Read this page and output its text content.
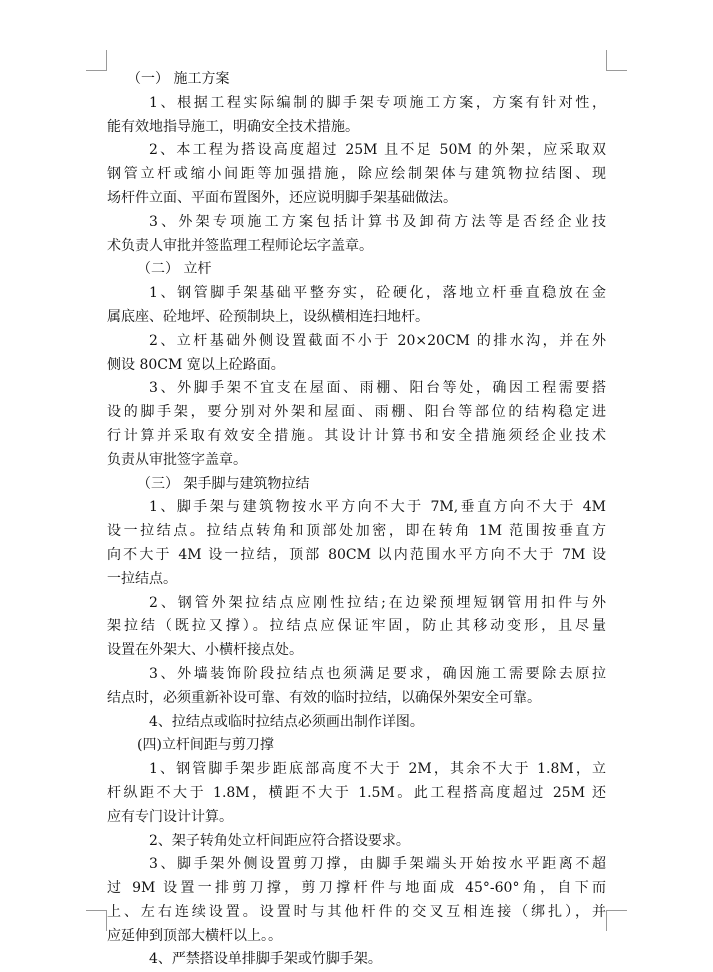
（一） 施工方案
1、根据工程实际编制的脚手架专项施工方案，方案有针对性，
能有效地指导施工，明确安全技术措施。
2、本工程为搭设高度超过 25M 且不足 50M 的外架，应采取双
钢管立杆或缩小间距等加强措施，除应绘制架体与建筑物拉结图、现
场杆件立面、平面布置图外，还应说明脚手架基础做法。
3、外架专项施工方案包括计算书及卸荷方法等是否经企业技
术负责人审批并签监理工程师论坛字盖章。
（二） 立杆
1、钢管脚手架基础平整夯实，砼硬化，落地立杆垂直稳放在金
属底座、砼地坪、砼预制块上，设纵横相连扫地杆。
2、立杆基础外侧设置截面不小于 20×20CM 的排水沟，并在外
侧设 80CM 宽以上砼路面。
3、外脚手架不宜支在屋面、雨棚、阳台等处，确因工程需要搭
设的脚手架，要分别对外架和屋面、雨棚、阳台等部位的结构稳定进
行计算并采取有效安全措施。其设计计算书和安全措施须经企业技术
负责从审批签字盖章。
（三） 架手脚与建筑物拉结
1、脚手架与建筑物按水平方向不大于 7M,垂直方向不大于 4M
设一拉结点。拉结点转角和顶部处加密，即在转角 1M 范围按垂直方
向不大于 4M 设一拉结，顶部 80CM 以内范围水平方向不大于 7M 设
一拉结点。
2、钢管外架拉结点应刚性拉结;在边梁预埋短钢管用扣件与外
架拉结（既拉又撑）。拉结点应保证牢固，防止其移动变形，且尽量
设置在外架大、小横杆接点处。
3、外墙装饰阶段拉结点也须满足要求，确因施工需要除去原拉
结点时，必须重新补设可靠、有效的临时拉结，以确保外架安全可靠。
4、拉结点或临时拉结点必须画出制作详图。
(四)立杆间距与剪刀撑
1、钢管脚手架步距底部高度不大于 2M，其余不大于 1.8M，立
杆纵距不大于 1.8M，横距不大于 1.5M。此工程搭高度超过 25M 还
应有专门设计计算。
2、架子转角处立杆间距应符合搭设要求。
3、脚手架外侧设置剪刀撑，由脚手架端头开始按水平距离不超
过 9M 设置一排剪刀撑，剪刀撑杆件与地面成 45°-60°角，自下而
上、左右连续设置。设置时与其他杆件的交叉互相连接（绑扎），并
应延伸到顶部大横杆以上。。
4、严禁搭设单排脚手架或竹脚手架。
